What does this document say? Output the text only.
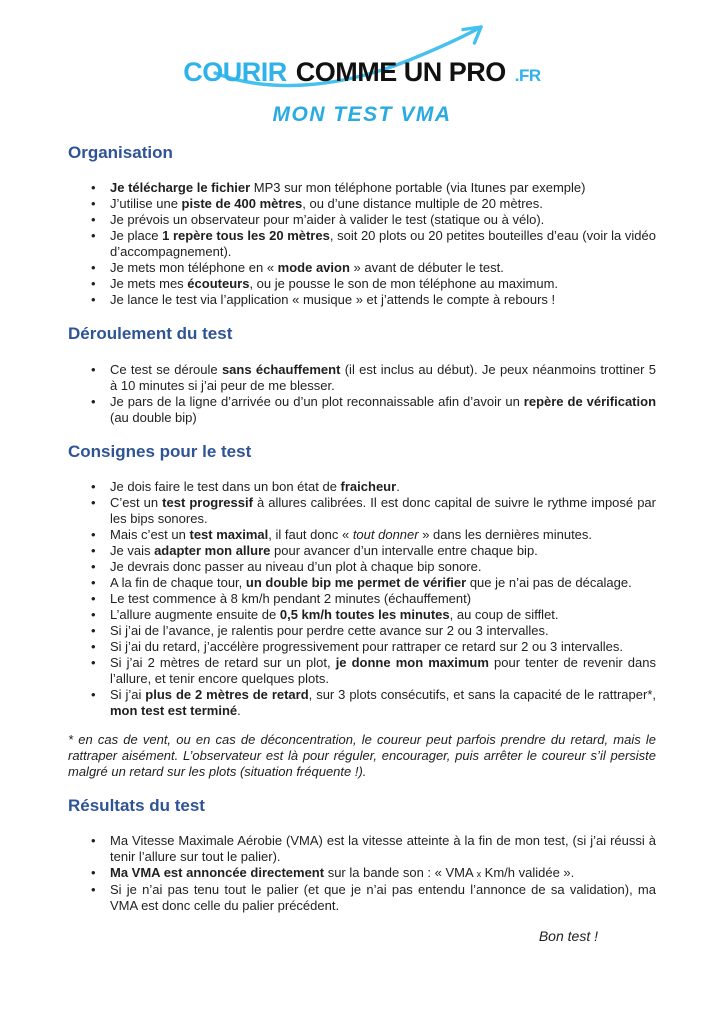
COURIR COMME UN PRO .FR
MON TEST VMA
Organisation
• Je télécharge le fichier MP3 sur mon téléphone portable (via Itunes par exemple)
• J’utilise une piste de 400 mètres, ou d’une distance multiple de 20 mètres.
• Je prévois un observateur pour m’aider à valider le test (statique ou à vélo).
• Je place 1 repère tous les 20 mètres, soit 20 plots ou 20 petites bouteilles d’eau (voir la vidéo d’accompagnement).
• Je mets mon téléphone en « mode avion » avant de débuter le test.
• Je mets mes écouteurs, ou je pousse le son de mon téléphone au maximum.
• Je lance le test via l’application « musique » et j’attends le compte à rebours !
Déroulement du test
• Ce test se déroule sans échauffement (il est inclus au début). Je peux néanmoins trottiner 5 à 10 minutes si j’ai peur de me blesser.
• Je pars de la ligne d’arrivée ou d’un plot reconnaissable afin d’avoir un repère de vérification (au double bip)
Consignes pour le test
• Je dois faire le test dans un bon état de fraicheur.
• C’est un test progressif à allures calibrées. Il est donc capital de suivre le rythme imposé par les bips sonores.
• Mais c’est un test maximal, il faut donc « tout donner » dans les dernières minutes.
• Je vais adapter mon allure pour avancer d’un intervalle entre chaque bip.
• Je devrais donc passer au niveau d’un plot à chaque bip sonore.
• A la fin de chaque tour, un double bip me permet de vérifier que je n’ai pas de décalage.
• Le test commence à 8 km/h pendant 2 minutes (échauffement)
• L’allure augmente ensuite de 0,5 km/h toutes les minutes, au coup de sifflet.
• Si j’ai de l’avance, je ralentis pour perdre cette avance sur 2 ou 3 intervalles.
• Si j’ai du retard, j’accélère progressivement pour rattraper ce retard sur 2 ou 3 intervalles.
• Si j’ai 2 mètres de retard sur un plot, je donne mon maximum pour tenter de revenir dans l’allure, et tenir encore quelques plots.
• Si j’ai plus de 2 mètres de retard, sur 3 plots consécutifs, et sans la capacité de le rattraper*, mon test est terminé.

* en cas de vent, ou en cas de déconcentration, le coureur peut parfois prendre du retard, mais le rattraper aisément. L’observateur est là pour réguler, encourager, puis arrêter le coureur s’il persiste malgré un retard sur les plots (situation fréquente !).

Résultats du test
• Ma Vitesse Maximale Aérobie (VMA) est la vitesse atteinte à la fin de mon test, (si j’ai réussi à tenir l’allure sur tout le palier).
• Ma VMA est annoncée directement sur la bande son : « VMA x Km/h validée ».
• Si je n’ai pas tenu tout le palier (et que je n’ai pas entendu l’annonce de sa validation), ma VMA est donc celle du palier précédent.
Bon test !
